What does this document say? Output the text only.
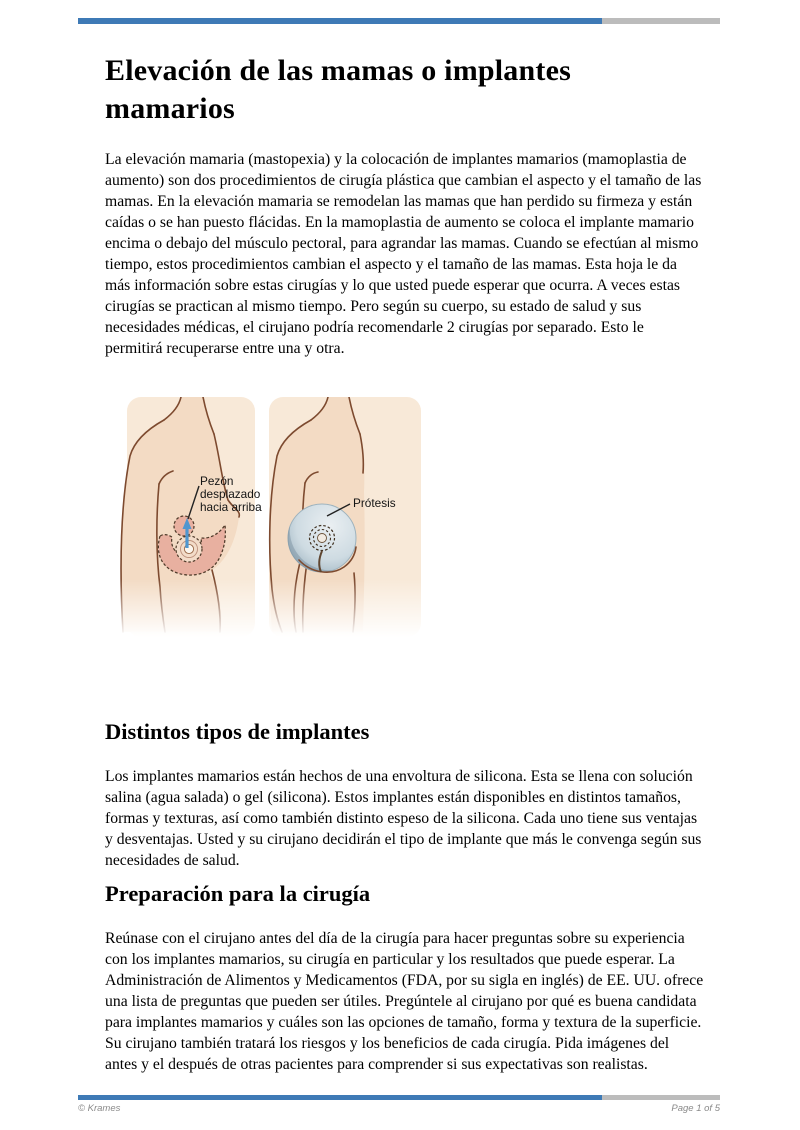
Elevación de las mamas o implantes mamarios

La elevación mamaria (mastopexia) y la colocación de implantes mamarios (mamoplastia de aumento) son dos procedimientos de cirugía plástica que cambian el aspecto y el tamaño de las mamas. En la elevación mamaria se remodelan las mamas que han perdido su firmeza y están caídas o se han puesto flácidas. En la mamoplastia de aumento se coloca el implante mamario encima o debajo del músculo pectoral, para agrandar las mamas. Cuando se efectúan al mismo tiempo, estos procedimientos cambian el aspecto y el tamaño de las mamas. Esta hoja le da más información sobre estas cirugías y lo que usted puede esperar que ocurra. A veces estas cirugías se practican al mismo tiempo. Pero según su cuerpo, su estado de salud y sus necesidades médicas, el cirujano podría recomendarle 2 cirugías por separado. Esto le permitirá recuperarse entre una y otra.

Pezón
desplazado
hacia arriba	Prótesis
Distintos tipos de implantes

Los implantes mamarios están hechos de una envoltura de silicona. Esta se llena con solución salina (agua salada) o gel (silicona). Estos implantes están disponibles en distintos tamaños, formas y texturas, así como también distinto espeso de la silicona. Cada uno tiene sus ventajas y desventajas. Usted y su cirujano decidirán el tipo de implante que más le convenga según sus necesidades de salud.

Preparación para la cirugía

Reúnase con el cirujano antes del día de la cirugía para hacer preguntas sobre su experiencia con los implantes mamarios, su cirugía en particular y los resultados que puede esperar. La Administración de Alimentos y Medicamentos (FDA, por su sigla en inglés) de EE. UU. ofrece una lista de preguntas que pueden ser útiles. Pregúntele al cirujano por qué es buena candidata para implantes mamarios y cuáles son las opciones de tamaño, forma y textura de la superficie. Su cirujano también tratará los riesgos y los beneficios de cada cirugía. Pida imágenes del antes y el después de otras pacientes para comprender si sus expectativas son realistas.

© Krames	Page 1 of 5
